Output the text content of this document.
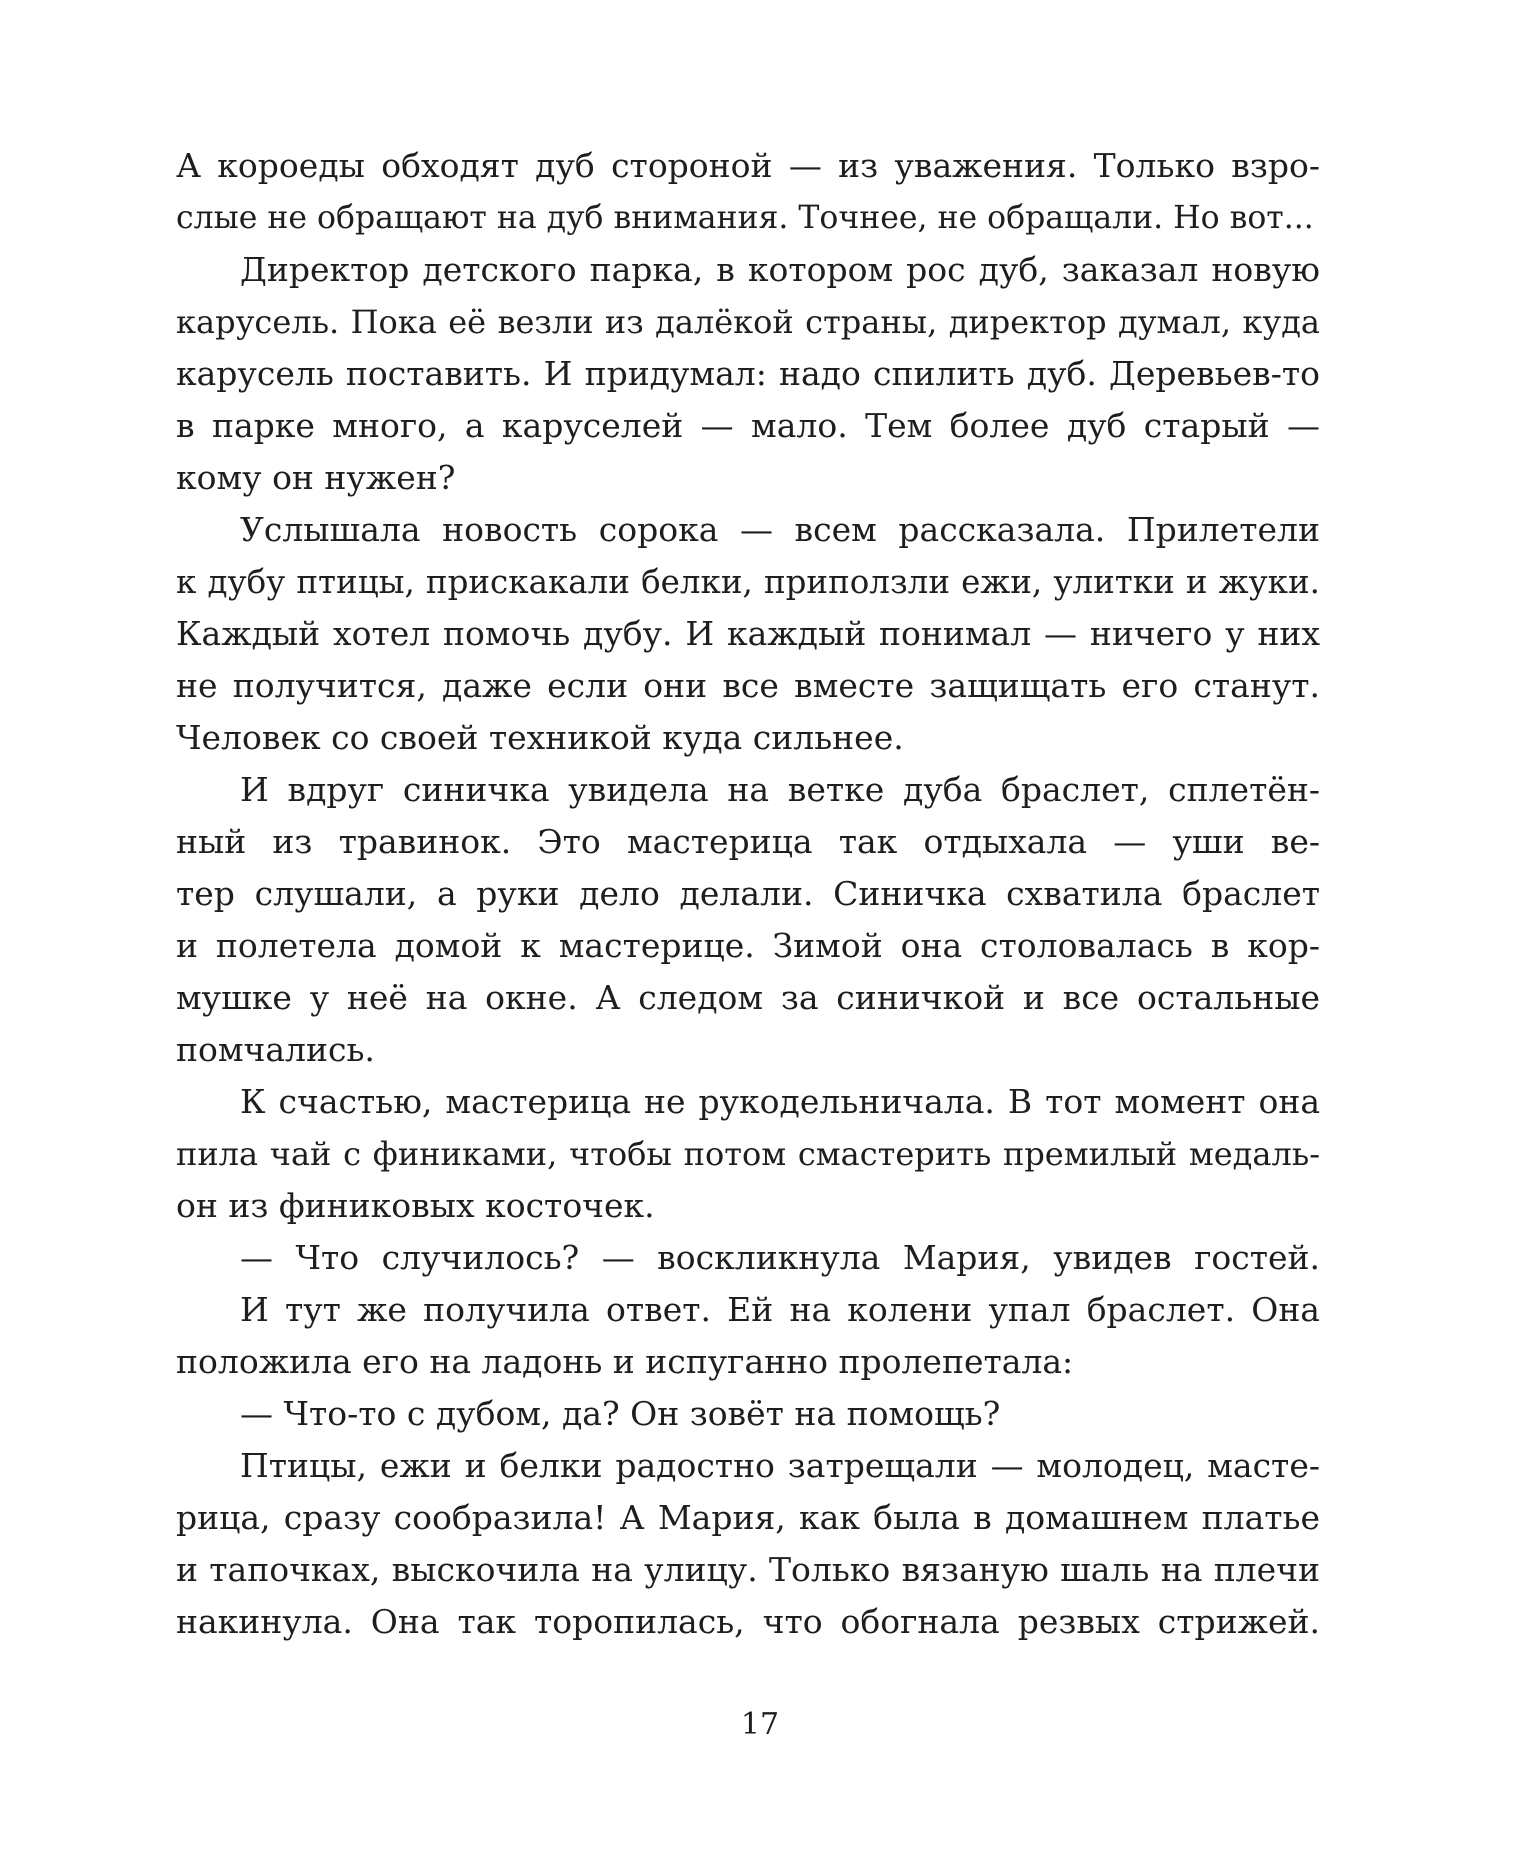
А короеды обходят дуб стороной — из уважения. Только взро-
слые не обращают на дуб внимания. Точнее, не обращали. Но вот...
Директор детского парка, в котором рос дуб, заказал новую
карусель. Пока её везли из далёкой страны, директор думал, куда
карусель поставить. И придумал: надо спилить дуб. Деревьев-то
в парке много, а каруселей — мало. Тем более дуб старый —
кому он нужен?
Услышала новость сорока — всем рассказала. Прилетели
к дубу птицы, прискакали белки, приползли ежи, улитки и жуки.
Каждый хотел помочь дубу. И каждый понимал — ничего у них
не получится, даже если они все вместе защищать его станут.
Человек со своей техникой куда сильнее.
И вдруг синичка увидела на ветке дуба браслет, сплетён-
ный из травинок. Это мастерица так отдыхала — уши ве-
тер слушали, а руки дело делали. Синичка схватила браслет
и полетела домой к мастерице. Зимой она столовалась в кор-
мушке у неё на окне. А следом за синичкой и все остальные
помчались.
К счастью, мастерица не рукодельничала. В тот момент она
пила чай с финиками, чтобы потом смастерить премилый медаль-
он из финиковых косточек.
— Что случилось? — воскликнула Мария, увидев гостей.
И тут же получила ответ. Ей на колени упал браслет. Она
положила его на ладонь и испуганно пролепетала:
— Что-то с дубом, да? Он зовёт на помощь?
Птицы, ежи и белки радостно затрещали — молодец, масте-
рица, сразу сообразила! А Мария, как была в домашнем платье
и тапочках, выскочила на улицу. Только вязаную шаль на плечи
накинула. Она так торопилась, что обогнала резвых стрижей.
17
